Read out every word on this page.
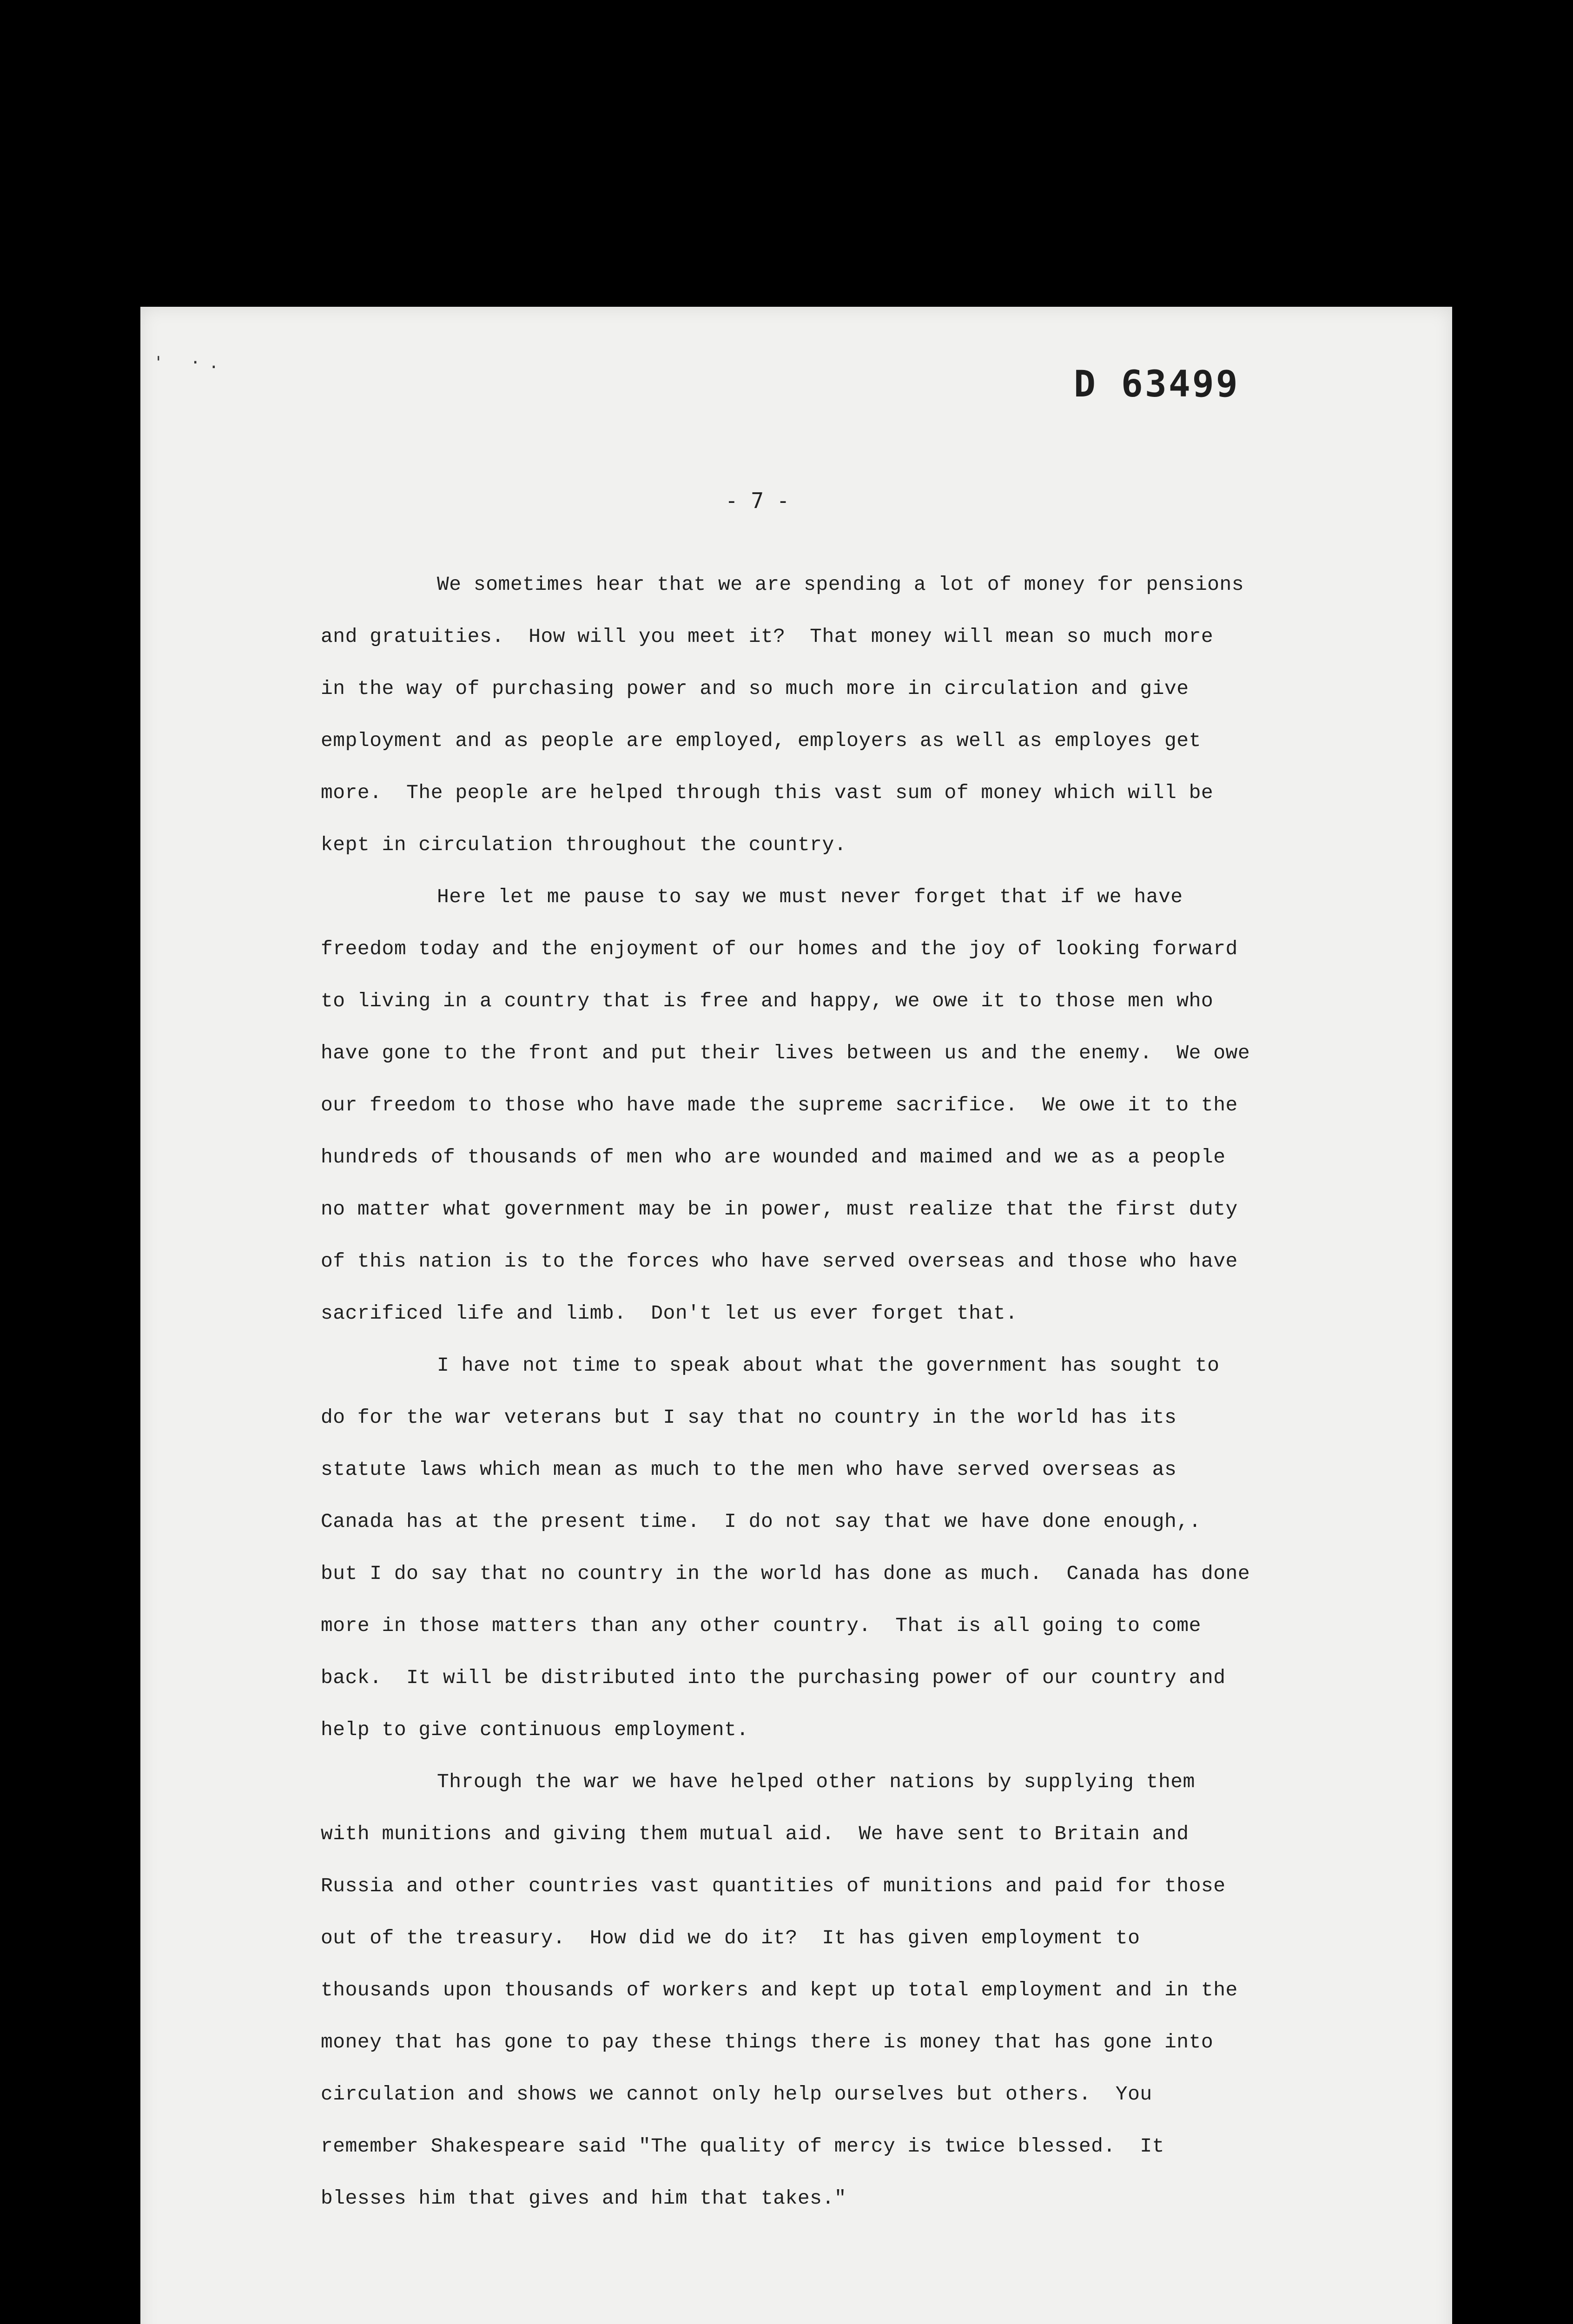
' ·.
D 63499
- 7 -
We sometimes hear that we are spending a lot of money for pensions
and gratuities.  How will you meet it?  That money will mean so much more
in the way of purchasing power and so much more in circulation and give
employment and as people are employed, employers as well as employes get
more.  The people are helped through this vast sum of money which will be
kept in circulation throughout the country.
Here let me pause to say we must never forget that if we have
freedom today and the enjoyment of our homes and the joy of looking forward
to living in a country that is free and happy, we owe it to those men who
have gone to the front and put their lives between us and the enemy.  We owe
our freedom to those who have made the supreme sacrifice.  We owe it to the
hundreds of thousands of men who are wounded and maimed and we as a people
no matter what government may be in power, must realize that the first duty
of this nation is to the forces who have served overseas and those who have
sacrificed life and limb.  Don't let us ever forget that.
I have not time to speak about what the government has sought to
do for the war veterans but I say that no country in the world has its
statute laws which mean as much to the men who have served overseas as
Canada has at the present time.  I do not say that we have done enough,.
but I do say that no country in the world has done as much.  Canada has done
more in those matters than any other country.  That is all going to come
back.  It will be distributed into the purchasing power of our country and
help to give continuous employment.
Through the war we have helped other nations by supplying them
with munitions and giving them mutual aid.  We have sent to Britain and
Russia and other countries vast quantities of munitions and paid for those
out of the treasury.  How did we do it?  It has given employment to
thousands upon thousands of workers and kept up total employment and in the
money that has gone to pay these things there is money that has gone into
circulation and shows we cannot only help ourselves but others.  You
remember Shakespeare said "The quality of mercy is twice blessed.  It
blesses him that gives and him that takes."
